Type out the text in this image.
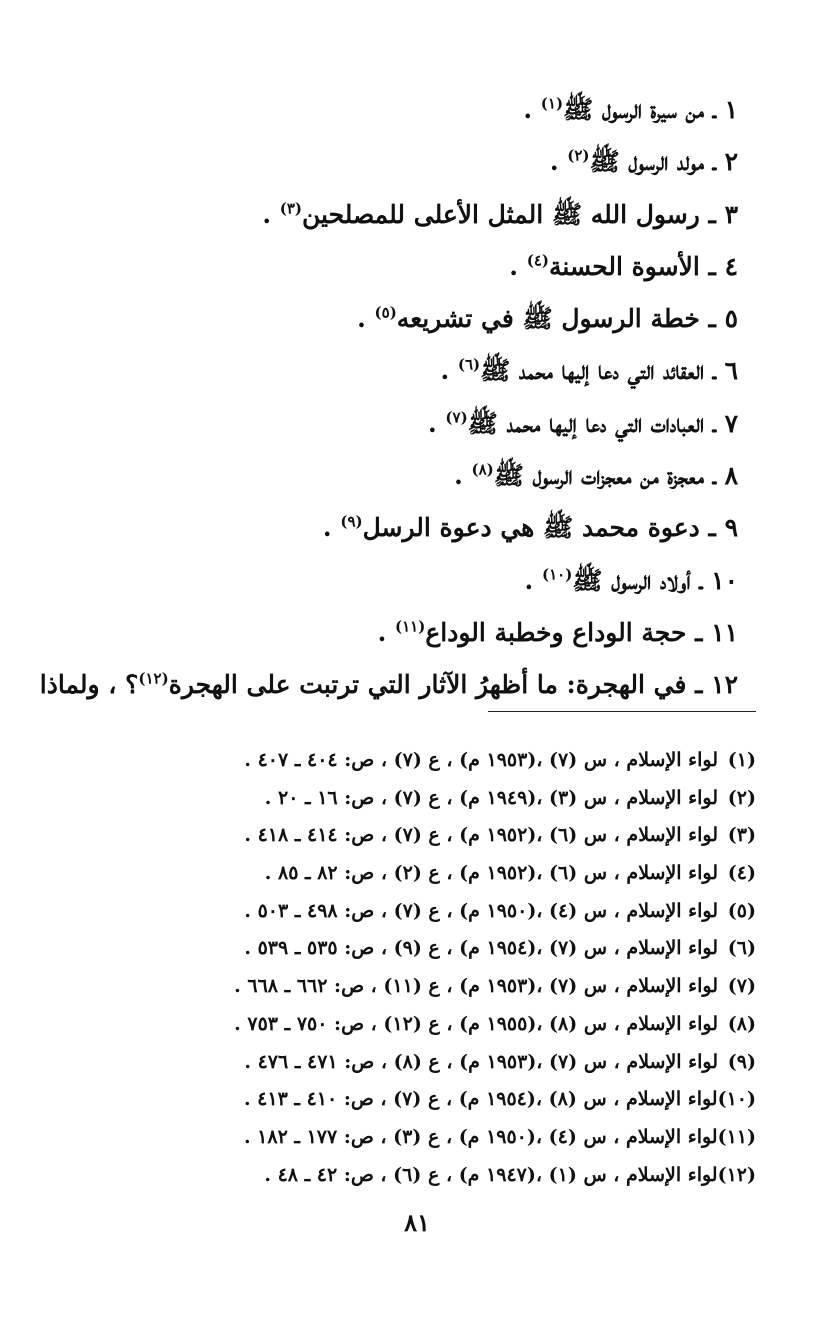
١ ـ من سيرة الرسول ﷺ$^{(١)}$ .
٢ ـ مولد الرسول ﷺ$^{(٢)}$ .
٣ ـ رسول الله ﷺ المثل الأعلى للمصلحين$^{(٣)}$ .
٤ ـ الأسوة الحسنة$^{(٤)}$ .
٥ ـ خطة الرسول ﷺ في تشريعه$^{(٥)}$ .
٦ ـ العقائد التي دعا إليها محمد ﷺ$^{(٦)}$ .
٧ ـ العبادات التي دعا إليها محمد ﷺ$^{(٧)}$ .
٨ ـ معجزة من معجزات الرسول ﷺ$^{(٨)}$ .
٩ ـ دعوة محمد ﷺ هي دعوة الرسل$^{(٩)}$ .
١٠ ـ أولاد الرسول ﷺ$^{(١٠)}$ .
١١ ـ حجة الوداع وخطبة الوداع$^{(١١)}$ .
١٢ ـ في الهجرة: ما أظهرُ الآثار التي ترتبت على الهجرة$^{(١٢)}$؟ ، ولماذا
(١)لواء الإسلام ، س (٧) ،(١٩٥٣ م) ، ع (٧) ، ص: ٤٠٤ ـ ٤٠٧ .
(٢)لواء الإسلام ، س (٣) ،(١٩٤٩ م) ، ع (٧) ، ص: ١٦ ـ ٢٠ .
(٣)لواء الإسلام ، س (٦) ،(١٩٥٢ م) ، ع (٧) ، ص: ٤١٤ ـ ٤١٨ .
(٤)لواء الإسلام ، س (٦) ،(١٩٥٢ م) ، ع (٢) ، ص: ٨٢ ـ ٨٥ .
(٥)لواء الإسلام ، س (٤) ،(١٩٥٠ م) ، ع (٧) ، ص: ٤٩٨ ـ ٥٠٣ .
(٦)لواء الإسلام ، س (٧) ،(١٩٥٤ م) ، ع (٩) ، ص: ٥٣٥ ـ ٥٣٩ .
(٧)لواء الإسلام ، س (٧) ،(١٩٥٣ م) ، ع (١١) ، ص: ٦٦٢ ـ ٦٦٨ .
(٨)لواء الإسلام ، س (٨) ،(١٩٥٥ م) ، ع (١٢) ، ص: ٧٥٠ ـ ٧٥٣ .
(٩)لواء الإسلام ، س (٧) ،(١٩٥٣ م) ، ع (٨) ، ص: ٤٧١ ـ ٤٧٦ .
(١٠)لواء الإسلام ، س (٨) ،(١٩٥٤ م) ، ع (٧) ، ص: ٤١٠ ـ ٤١٣ .
(١١)لواء الإسلام ، س (٤) ،(١٩٥٠ م) ، ع (٣) ، ص: ١٧٧ ـ ١٨٢ .
(١٢)لواء الإسلام ، س (١) ،(١٩٤٧ م) ، ع (٦) ، ص: ٤٢ ـ ٤٨ .
٨١
